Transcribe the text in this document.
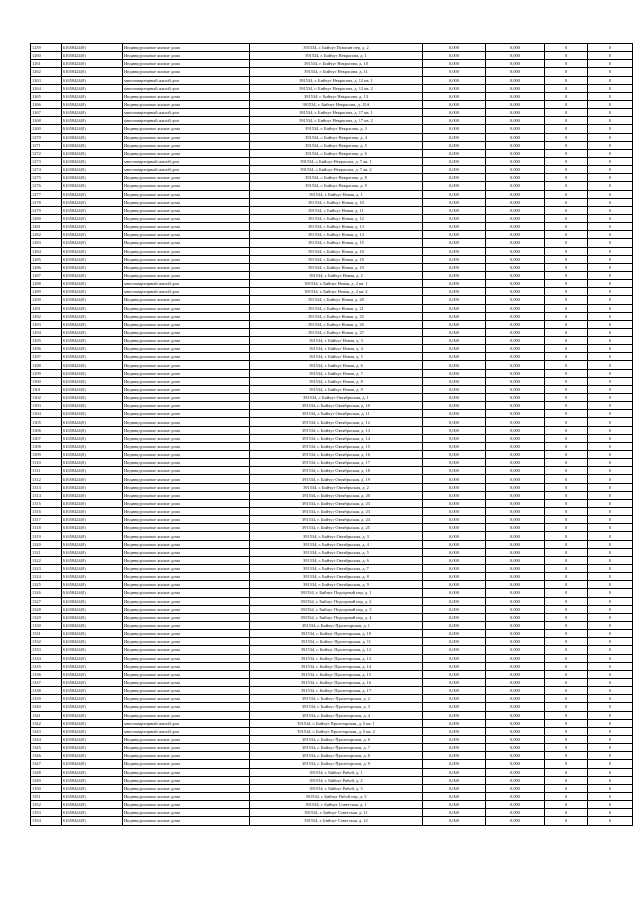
1259	61658424(0)	Индивидуальные жилые дома	391534, г. Бийчуг Пушкин пер, д. 2	0,000	0,000	0	0
1260	61658424(0)	Индивидуальные жилые дома	391534, г. Бийчуг Некрасова, д. 1	0,000	0,000	0	0
1261	61658424(0)	Индивидуальные жилые дома	391534, г. Бийчуг Некрасова, д. 10	0,000	0,000	0	0
1262	61658424(0)	Индивидуальные жилые дома	391534, г. Бийчуг Некрасова, д. 11	0,000	0,000	0	0
1263	61658424(0)	многоквартирный жилой дом	391534, г. Бийчуг Некрасова, д. 12 кв. 1	0,000	0,000	0	0
1264	61658424(0)	многоквартирный жилой дом	391534, г. Бийчуг Некрасова, д. 12 кв. 2	0,000	0,000	0	0
1265	61658424(0)	Индивидуальные жилые дома	391534, г. Бийчуг Некрасова, д. 13	0,000	0,000	0	0
1266	61658424(0)	Индивидуальные жилые дома	391534, г. Бийчуг Некрасова, д. 15А	0,000	0,000	0	0
1267	61658424(0)	многоквартирный жилой дом	391534, г. Бийчуг Некрасова, д. 17 кв. 1	0,000	0,000	0	0
1268	61658424(0)	многоквартирный жилой дом	391534, г. Бийчуг Некрасова, д. 17 кв. 2	0,000	0,000	0	0
1269	61658424(0)	Индивидуальные жилые дома	391534, г. Бийчуг Некрасова, д. 3	0,000	0,000	0	0
1270	61658424(0)	Индивидуальные жилые дома	391534, г. Бийчуг Некрасова, д. 4	0,000	0,000	0	0
1271	61658424(0)	Индивидуальные жилые дома	391534, г. Бийчуг Некрасова, д. 5	0,000	0,000	0	0
1272	61658424(0)	Индивидуальные жилые дома	391534, г. Бийчуг Некрасова, д. 6	0,000	0,000	0	0
1273	61658424(0)	многоквартирный жилой дом	391534, г. Бийчуг Некрасова, д. 7 кв. 1	0,000	0,000	0	0
1274	61658424(0)	многоквартирный жилой дом	391534, г. Бийчуг Некрасова, д. 7 кв. 2	0,000	0,000	0	0
1275	61658424(0)	Индивидуальные жилые дома	391534, г. Бийчуг Некрасова, д. 8	0,000	0,000	0	0
1276	61658424(0)	Индивидуальные жилые дома	391534, г. Бийчуг Некрасова, д. 9	0,000	0,000	0	0
1277	61658424(0)	Индивидуальные жилые дома	391534, г. Бийчуг Новая, д. 1	0,000	0,000	0	0
1278	61658424(0)	Индивидуальные жилые дома	391534, г. Бийчуг Новая, д. 10	0,000	0,000	0	0
1279	61658424(0)	Индивидуальные жилые дома	391534, г. Бийчуг Новая, д. 11	0,000	0,000	0	0
1280	61658424(0)	Индивидуальные жилые дома	391534, г. Бийчуг Новая, д. 12	0,000	0,000	0	0
1281	61658424(0)	Индивидуальные жилые дома	391534, г. Бийчуг Новая, д. 13	0,000	0,000	0	0
1282	61658424(0)	Индивидуальные жилые дома	391534, г. Бийчуг Новая, д. 14	0,000	0,000	0	0
1283	61658424(0)	Индивидуальные жилые дома	391534, г. Бийчуг Новая, д. 15	0,000	0,000	0	0
1284	61658424(0)	Индивидуальные жилые дома	391534, г. Бийчуг Новая, д. 16	0,000	0,000	0	0
1285	61658424(0)	Индивидуальные жилые дома	391534, г. Бийчуг Новая, д. 18	0,000	0,000	0	0
1286	61658424(0)	Индивидуальные жилые дома	391534, г. Бийчуг Новая, д. 19	0,000	0,000	0	0
1287	61658424(0)	Индивидуальные жилые дома	391534, г. Бийчуг Новая, д. 2	0,000	0,000	0	0
1288	61658424(0)	многоквартирный жилой дом	391534, г. Бийчуг Новая, д. 2 кв. 1	0,000	0,000	0	0
1289	61658424(0)	многоквартирный жилой дом	391534, г. Бийчуг Новая, д. 2 кв. 2	0,000	0,000	0	0
1290	61658424(0)	Индивидуальные жилые дома	391534, г. Бийчуг Новая, д. 20	0,000	0,000	0	0
1291	61658424(0)	Индивидуальные жилые дома	391534, г. Бийчуг Новая, д. 21	0,000	0,000	0	0
1292	61658424(0)	Индивидуальные жилые дома	391534, г. Бийчуг Новая, д. 25	0,000	0,000	0	0
1293	61658424(0)	Индивидуальные жилые дома	391534, г. Бийчуг Новая, д. 26	0,000	0,000	0	0
1294	61658424(0)	Индивидуальные жилые дома	391534, г. Бийчуг Новая, д. 27	0,000	0,000	0	0
1295	61658424(0)	Индивидуальные жилые дома	391534, г. Бийчуг Новая, д. 3	0,000	0,000	0	0
1296	61658424(0)	Индивидуальные жилые дома	391534, г. Бийчуг Новая, д. 4	0,000	0,000	0	0
1297	61658424(0)	Индивидуальные жилые дома	391534, г. Бийчуг Новая, д. 5	0,000	0,000	0	0
1298	61658424(0)	Индивидуальные жилые дома	391534, г. Бийчуг Новая, д. 6	0,000	0,000	0	0
1299	61658424(0)	Индивидуальные жилые дома	391534, г. Бийчуг Новая, д. 7	0,000	0,000	0	0
1300	61658424(0)	Индивидуальные жилые дома	391534, г. Бийчуг Новая, д. 8	0,000	0,000	0	0
1301	61658424(0)	Индивидуальные жилые дома	391534, г. Бийчуг Новая, д. 9	0,000	0,000	0	0
1302	61658424(0)	Индивидуальные жилые дома	391534, г. Бийчуг Октябрьская, д. 1	0,000	0,000	0	0
1303	61658424(0)	Индивидуальные жилые дома	391534, г. Бийчуг Октябрьская, д. 10	0,000	0,000	0	0
1304	61658424(0)	Индивидуальные жилые дома	391534, г. Бийчуг Октябрьская, д. 11	0,000	0,000	0	0
1305	61658424(0)	Индивидуальные жилые дома	391534, г. Бийчуг Октябрьская, д. 12	0,000	0,000	0	0
1306	61658424(0)	Индивидуальные жилые дома	391534, г. Бийчуг Октябрьская, д. 13	0,000	0,000	0	0
1307	61658424(0)	Индивидуальные жилые дома	391534, г. Бийчуг Октябрьская, д. 14	0,000	0,000	0	0
1308	61658424(0)	Индивидуальные жилые дома	391534, г. Бийчуг Октябрьская, д. 15	0,000	0,000	0	0
1309	61658424(0)	Индивидуальные жилые дома	391534, г. Бийчуг Октябрьская, д. 16	0,000	0,000	0	0
1310	61658424(0)	Индивидуальные жилые дома	391534, г. Бийчуг Октябрьская, д. 17	0,000	0,000	0	0
1311	61658424(0)	Индивидуальные жилые дома	391534, г. Бийчуг Октябрьская, д. 18	0,000	0,000	0	0
1312	61658424(0)	Индивидуальные жилые дома	391534, г. Бийчуг Октябрьская, д. 19	0,000	0,000	0	0
1313	61658424(0)	Индивидуальные жилые дома	391534, г. Бийчуг Октябрьская, д. 2	0,000	0,000	0	0
1314	61658424(0)	Индивидуальные жилые дома	391534, г. Бийчуг Октябрьская, д. 20	0,000	0,000	0	0
1315	61658424(0)	Индивидуальные жилые дома	391534, г. Бийчуг Октябрьская, д. 23	0,000	0,000	0	0
1316	61658424(0)	Индивидуальные жилые дома	391534, г. Бийчуг Октябрьская, д. 23	0,000	0,000	0	0
1317	61658424(0)	Индивидуальные жилые дома	391534, г. Бийчуг Октябрьская, д. 24	0,000	0,000	0	0
1318	61658424(0)	Индивидуальные жилые дома	391534, г. Бийчуг Октябрьская, д. 25	0,000	0,000	0	0
1319	61658424(0)	Индивидуальные жилые дома	391534, г. Бийчуг Октябрьская, д. 3	0,000	0,000	0	0
1320	61658424(0)	Индивидуальные жилые дома	391534, г. Бийчуг Октябрьская, д. 4	0,000	0,000	0	0
1321	61658424(0)	Индивидуальные жилые дома	391534, г. Бийчуг Октябрьская, д. 5	0,000	0,000	0	0
1322	61658424(0)	Индивидуальные жилые дома	391534, г. Бийчуг Октябрьская, д. 6	0,000	0,000	0	0
1323	61658424(0)	Индивидуальные жилые дома	391534, г. Бийчуг Октябрьская, д. 7	0,000	0,000	0	0
1324	61658424(0)	Индивидуальные жилые дома	391534, г. Бийчуг Октябрьская, д. 8	0,000	0,000	0	0
1325	61658424(0)	Индивидуальные жилые дома	391534, г. Бийчуг Октябрьская, д. 9	0,000	0,000	0	0
1326	61658424(0)	Индивидуальные жилые дома	391534, г. Бийчуг Подгорный пер, д. 1	0,000	0,000	0	0
1327	61658424(0)	Индивидуальные жилые дома	391534, г. Бийчуг Подгорный пер, д. 2	0,000	0,000	0	0
1328	61658424(0)	Индивидуальные жилые дома	391534, г. Бийчуг Подгорный пер, д. 3	0,000	0,000	0	0
1329	61658424(0)	Индивидуальные жилые дома	391534, г. Бийчуг Подгорный пер, д. 4	0,000	0,000	0	0
1330	61658424(0)	Индивидуальные жилые дома	391534, г. Бийчуг Пролетарская, д. 1	0,000	0,000	0	0
1331	61658424(0)	Индивидуальные жилые дома	391534, г. Бийчуг Пролетарская, д. 10	0,000	0,000	0	0
1332	61658424(0)	Индивидуальные жилые дома	391534, г. Бийчуг Пролетарская, д. 11	0,000	0,000	0	0
1333	61658424(0)	Индивидуальные жилые дома	391534, г. Бийчуг Пролетарская, д. 12	0,000	0,000	0	0
1334	61658424(0)	Индивидуальные жилые дома	391534, г. Бийчуг Пролетарская, д. 13	0,000	0,000	0	0
1335	61658424(0)	Индивидуальные жилые дома	391534, г. Бийчуг Пролетарская, д. 14	0,000	0,000	0	0
1336	61658424(0)	Индивидуальные жилые дома	391534, г. Бийчуг Пролетарская, д. 15	0,000	0,000	0	0
1337	61658424(0)	Индивидуальные жилые дома	391534, г. Бийчуг Пролетарская, д. 16	0,000	0,000	0	0
1338	61658424(0)	Индивидуальные жилые дома	391534, г. Бийчуг Пролетарская, д. 17	0,000	0,000	0	0
1339	61658424(0)	Индивидуальные жилые дома	391534, г. Бийчуг Пролетарская, д. 2	0,000	0,000	0	0
1340	61658424(0)	Индивидуальные жилые дома	391534, г. Бийчуг Пролетарская, д. 3	0,000	0,000	0	0
1341	61658424(0)	Индивидуальные жилые дома	391534, г. Бийчуг Пролетарская, д. 4	0,000	0,000	0	0
1342	61658424(0)	многоквартирный жилой дом	391534, г. Бийчуг Пролетарская, д. 5 кв. 1	0,000	0,000	0	0
1343	61658424(0)	многоквартирный жилой дом	391534, г. Бийчуг Пролетарская, д. 5 кв. 2	0,000	0,000	0	0
1344	61658424(0)	Индивидуальные жилые дома	391534, г. Бийчуг Пролетарская, д. 6	0,000	0,000	0	0
1345	61658424(0)	Индивидуальные жилые дома	391534, г. Бийчуг Пролетарская, д. 7	0,000	0,000	0	0
1346	61658424(0)	Индивидуальные жилые дома	391534, г. Бийчуг Пролетарская, д. 8	0,000	0,000	0	0
1347	61658424(0)	Индивидуальные жилые дома	391534, г. Бийчуг Пролетарская, д. 9	0,000	0,000	0	0
1348	61658424(0)	Индивидуальные жилые дома	391534, г. Бийчуг Рябой, д. 1	0,000	0,000	0	0
1349	61658424(0)	Индивидуальные жилые дома	391534, г. Бийчуг Рябой, д. 2	0,000	0,000	0	0
1350	61658424(0)	Индивидуальные жилые дома	391534, г. Бийчуг Рябой, д. 3	0,000	0,000	0	0
1351	61658424(0)	Индивидуальные жилые дома	391534, г. Бийчуг Рябой пер, д. 5	0,000	0,000	0	0
1352	61658424(0)	Индивидуальные жилые дома	391534, г. Бийчуг Советская, д. 1	0,000	0,000	0	0
1353	61658424(0)	Индивидуальные жилые дома	391534, г. Бийчуг Советская, д. 11	0,000	0,000	0	0
1354	61658424(0)	Индивидуальные жилые дома	391534, г. Бийчуг Советская, д. 12	0,000	0,000	0	0
